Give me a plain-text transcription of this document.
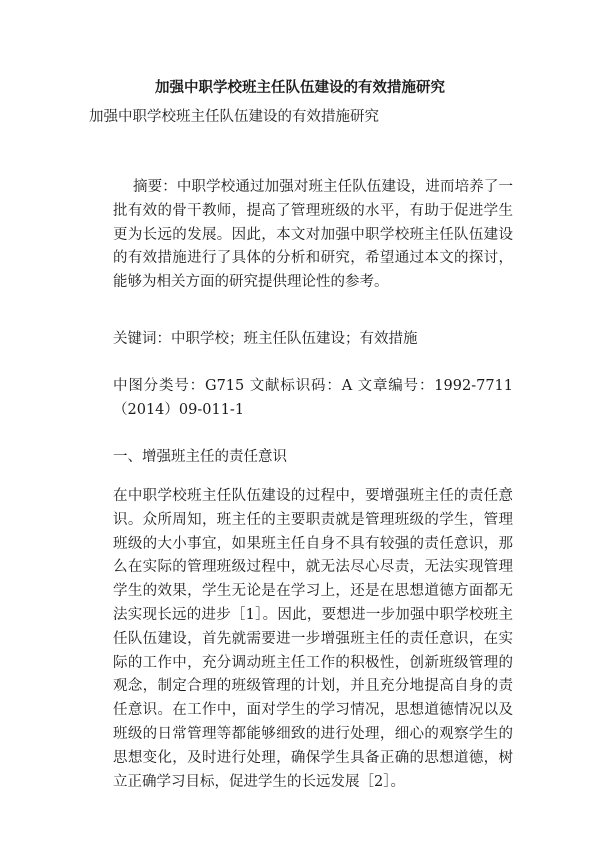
加强中职学校班主任队伍建设的有效措施研究

加强中职学校班主任队伍建设的有效措施研究

摘要：中职学校通过加强对班主任队伍建设，进而培养了一批有效的骨干教师，提高了管理班级的水平，有助于促进学生更为长远的发展。因此，本文对加强中职学校班主任队伍建设的有效措施进行了具体的分析和研究，希望通过本文的探讨，能够为相关方面的研究提供理论性的参考。

关键词：中职学校；班主任队伍建设；有效措施

中图分类号：G715 文献标识码：A 文章编号：1992-7711（2014）09-011-1

一、增强班主任的责任意识

在中职学校班主任队伍建设的过程中，要增强班主任的责任意识。众所周知，班主任的主要职责就是管理班级的学生，管理班级的大小事宜，如果班主任自身不具有较强的责任意识，那么在实际的管理班级过程中，就无法尽心尽责，无法实现管理学生的效果，学生无论是在学习上，还是在思想道德方面都无法实现长远的进步［1］。因此，要想进一步加强中职学校班主任队伍建设，首先就需要进一步增强班主任的责任意识，在实际的工作中，充分调动班主任工作的积极性，创新班级管理的观念，制定合理的班级管理的计划，并且充分地提高自身的责任意识。在工作中，面对学生的学习情况，思想道德情况以及班级的日常管理等都能够细致的进行处理，细心的观察学生的思想变化，及时进行处理，确保学生具备正确的思想道德，树立正确学习目标，促进学生的长远发展［2］。
